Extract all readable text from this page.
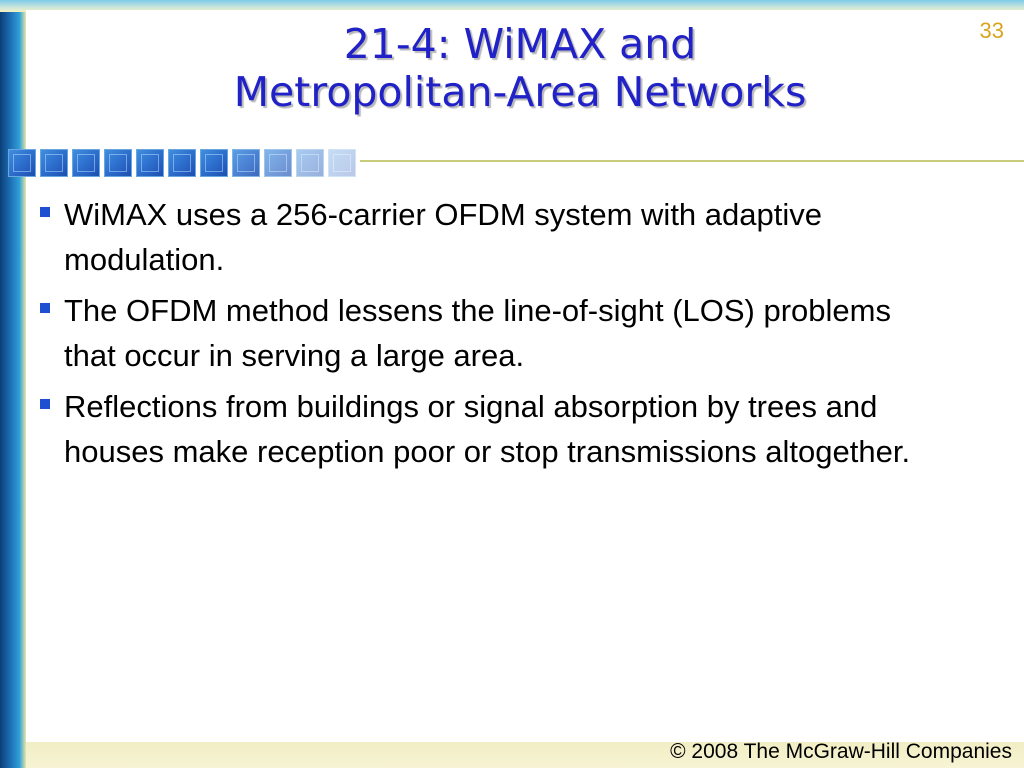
33
21-4: WiMAX and
Metropolitan-Area Networks
WiMAX uses a 256-carrier OFDM system with adaptive modulation.
The OFDM method lessens the line-of-sight (LOS) problems that occur in serving a large area.
Reflections from buildings or signal absorption by trees and houses make reception poor or stop transmissions altogether.
© 2008 The McGraw-Hill Companies
